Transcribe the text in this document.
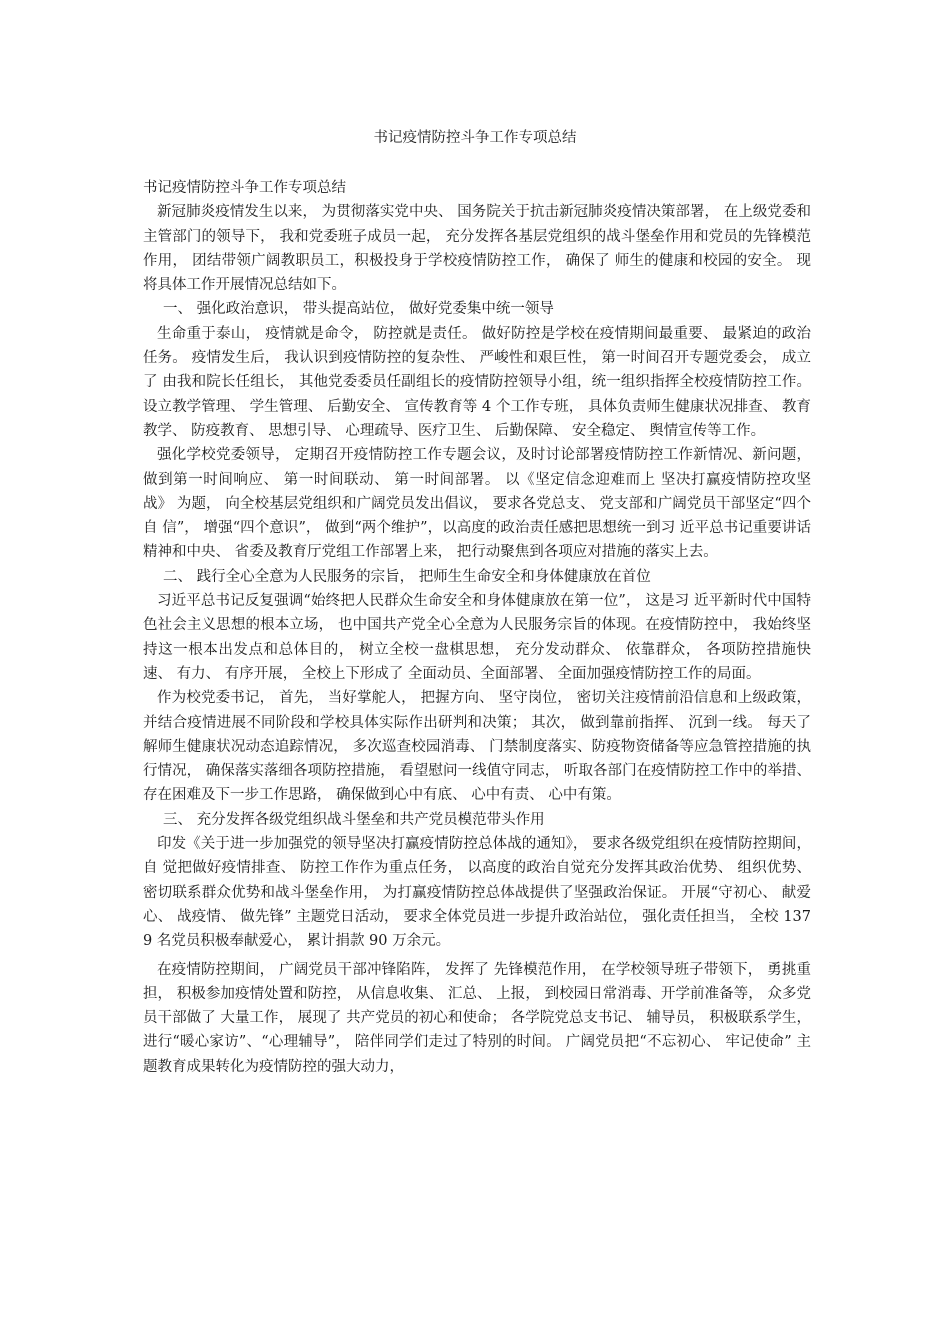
书记疫情防控斗争工作专项总结

书记疫情防控斗争工作专项总结

新冠肺炎疫情发生以来， 为贯彻落实党中央、 国务院关于抗击新冠肺炎疫情决策部署， 在上级党委和主管部门的领导下， 我和党委班子成员一起， 充分发挥各基层党组织的战斗堡垒作用和党员的先锋模范作用， 团结带领广阔教职员工，积极投身于学校疫情防控工作， 确保了 师生的健康和校园的安全。 现将具体工作开展情况总结如下。

一、 强化政治意识， 带头提高站位， 做好党委集中统一领导

生命重于泰山， 疫情就是命令， 防控就是责任。 做好防控是学校在疫情期间最重要、 最紧迫的政治任务。 疫情发生后， 我认识到疫情防控的复杂性、 严峻性和艰巨性， 第一时间召开专题党委会， 成立了 由我和院长任组长， 其他党委委员任副组长的疫情防控领导小组，统一组织指挥全校疫情防控工作。 设立教学管理、 学生管理、 后勤安全、 宣传教育等 4 个工作专班， 具体负责师生健康状况排查、 教育教学、 防疫教育、 思想引导、 心理疏导、医疗卫生、 后勤保障、 安全稳定、 舆情宣传等工作。

强化学校党委领导， 定期召开疫情防控工作专题会议，及时讨论部署疫情防控工作新情况、新问题，做到第一时间响应、 第一时间联动、 第一时间部署。 以《坚定信念迎难而上 坚决打赢疫情防控攻坚战》 为题， 向全校基层党组织和广阔党员发出倡议， 要求各党总支、 党支部和广阔党员干部坚定“四个自 信”， 增强“四个意识”， 做到“两个维护”，以高度的政治责任感把思想统一到习 近平总书记重要讲话精神和中央、 省委及教育厅党组工作部署上来， 把行动聚焦到各项应对措施的落实上去。

二、 践行全心全意为人民服务的宗旨， 把师生生命安全和身体健康放在首位

习近平总书记反复强调“始终把人民群众生命安全和身体健康放在第一位”， 这是习 近平新时代中国特色社会主义思想的根本立场， 也中国共产党全心全意为人民服务宗旨的体现。在疫情防控中， 我始终坚持这一根本出发点和总体目的， 树立全校一盘棋思想， 充分发动群众、 依靠群众， 各项防控措施快速、 有力、 有序开展， 全校上下形成了 全面动员、全面部署、 全面加强疫情防控工作的局面。

作为校党委书记， 首先， 当好掌舵人， 把握方向、 坚守岗位， 密切关注疫情前沿信息和上级政策， 并结合疫情进展不同阶段和学校具体实际作出研判和决策； 其次， 做到靠前指挥、 沉到一线。 每天了 解师生健康状况动态追踪情况， 多次巡查校园消毒、 门禁制度落实、防疫物资储备等应急管控措施的执行情况， 确保落实落细各项防控措施， 看望慰问一线值守同志， 听取各部门在疫情防控工作中的举措、 存在困难及下一步工作思路， 确保做到心中有底、 心中有责、 心中有策。

三、 充分发挥各级党组织战斗堡垒和共产党员模范带头作用

印发《关于进一步加强党的领导坚决打赢疫情防控总体战的通知》， 要求各级党组织在疫情防控期间， 自 觉把做好疫情排查、 防控工作作为重点任务， 以高度的政治自觉充分发挥其政治优势、 组织优势、 密切联系群众优势和战斗堡垒作用， 为打赢疫情防控总体战提供了坚强政治保证。 开展“守初心、 献爱心、 战疫情、 做先锋” 主题党日活动， 要求全体党员进一步提升政治站位， 强化责任担当， 全校 1379 名党员积极奉献爱心， 累计捐款 90 万余元。

在疫情防控期间， 广阔党员干部冲锋陷阵， 发挥了 先锋模范作用， 在学校领导班子带领下， 勇挑重担， 积极参加疫情处置和防控， 从信息收集、 汇总、 上报， 到校园日常消毒、开学前准备等， 众多党员干部做了 大量工作， 展现了 共产党员的初心和使命； 各学院党总支书记、 辅导员， 积极联系学生， 进行“暖心家访”、“心理辅导”， 陪伴同学们走过了特别的时间。 广阔党员把“不忘初心、 牢记使命” 主题教育成果转化为疫情防控的强大动力，
